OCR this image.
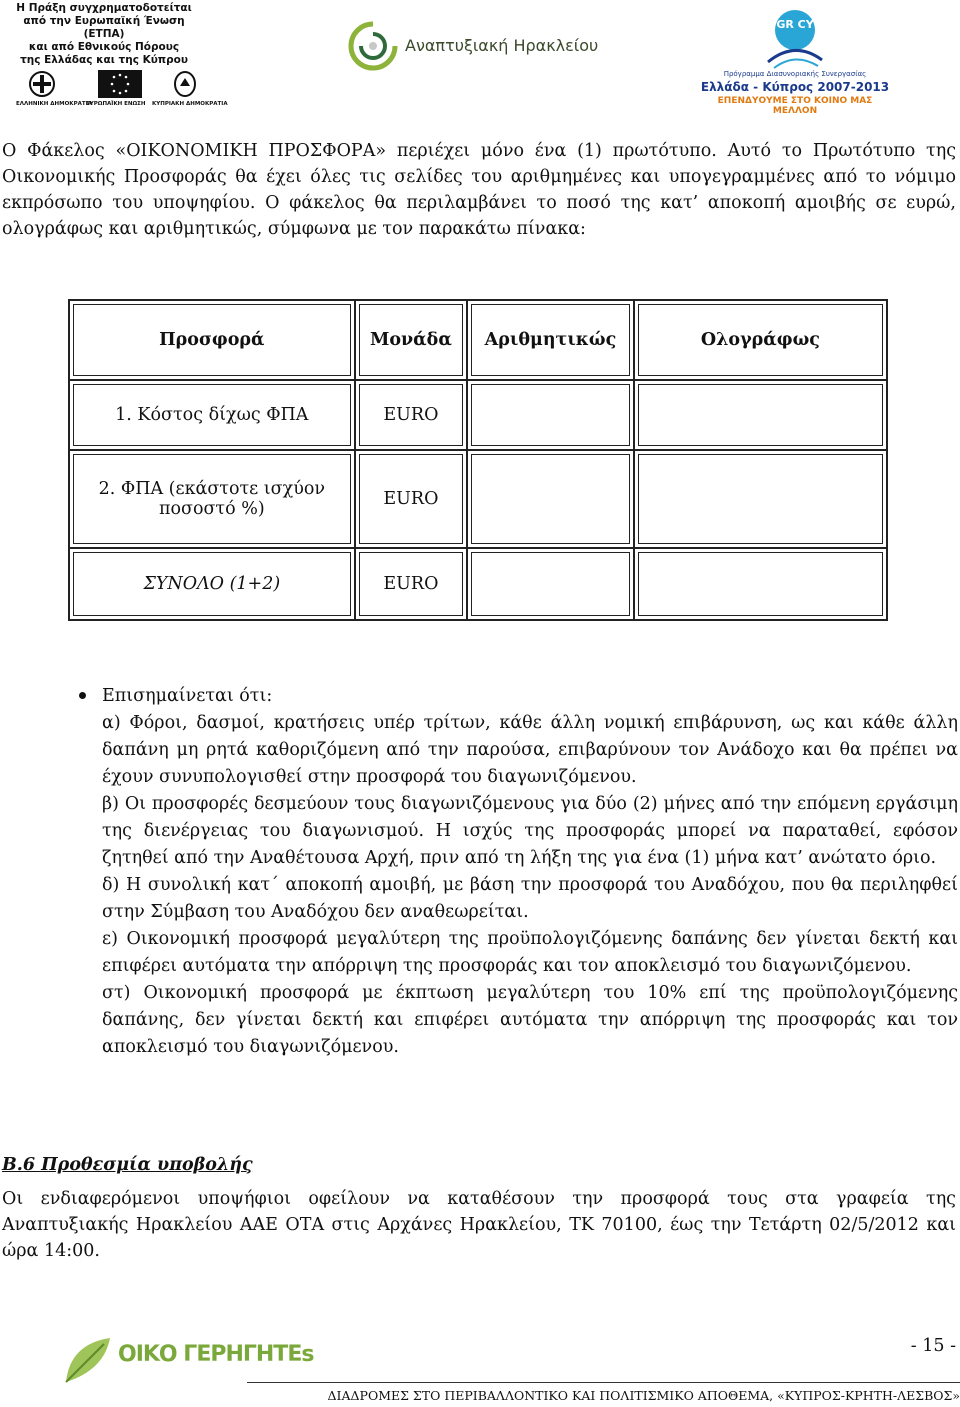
Η Πράξη συγχρηματοδοτείται
από την Ευρωπαϊκή Ένωση (ΕΤΠΑ)
και από Εθνικούς Πόρους
της Ελλάδας και της Κύπρου
ΕΛΛΗΝΙΚΗ ΔΗΜΟΚΡΑΤΙΑ
ΕΥΡΩΠΑΪΚΗ ΕΝΩΣΗ ΚΥΠΡΙΑΚΗ ΔΗΜΟΚΡΑΤΙΑ
Αναπτυξιακή Ηρακλείου
GR CY
Πρόγραμμα Διασυνοριακής Συνεργασίας
Ελλάδα - Κύπρος 2007-2013
ΕΠΕΝΔΥΟΥΜΕ ΣΤΟ ΚΟΙΝΟ ΜΑΣ ΜΕΛΛΟΝ
Ο Φάκελος «ΟΙΚΟΝΟΜΙΚΗ ΠΡΟΣΦΟΡΑ» περιέχει μόνο ένα (1) πρωτότυπο. Αυτό το Πρωτότυπο της Οικονομικής Προσφοράς θα έχει όλες τις σελίδες του αριθμημένες και υπογεγραμμένες από το νόμιμο εκπρόσωπο του υποψηφίου. Ο φάκελος θα περιλαμβάνει το ποσό της κατ’ αποκοπή αμοιβής σε ευρώ, ολογράφως και αριθμητικώς, σύμφωνα με τον παρακάτω πίνακα:
Προσφορά	Μονάδα	Αριθμητικώς	Ολογράφως
1. Κόστος δίχως ΦΠΑ	EURO		
2. ΦΠΑ (εκάστοτε ισχύον ποσοστό %)	EURO		
ΣΥΝΟΛΟ (1+2)	EURO		

Επισημαίνεται ότι:

α) Φόροι, δασμοί, κρατήσεις υπέρ τρίτων, κάθε άλλη νομική επιβάρυνση, ως και κάθε άλλη δαπάνη μη ρητά καθοριζόμενη από την παρούσα, επιβαρύνουν τον Ανάδοχο και θα πρέπει να έχουν συνυπολογισθεί στην προσφορά του διαγωνιζόμενου.

β) Οι προσφορές δεσμεύουν τους διαγωνιζόμενους για δύο (2) μήνες από την επόμενη εργάσιμη της διενέργειας του διαγωνισμού. Η ισχύς της προσφοράς μπορεί να παραταθεί, εφόσον ζητηθεί από την Αναθέτουσα Αρχή, πριν από τη λήξη της για ένα (1) μήνα κατ’ ανώτατο όριο.

δ) Η συνολική κατ΄ αποκοπή αμοιβή, με βάση την προσφορά του Αναδόχου, που θα περιληφθεί στην Σύμβαση του Αναδόχου δεν αναθεωρείται.

ε) Οικονομική προσφορά μεγαλύτερη της προϋπολογιζόμενης δαπάνης δεν γίνεται δεκτή και επιφέρει αυτόματα την απόρριψη της προσφοράς και τον αποκλεισμό του διαγωνιζόμενου.

στ) Οικονομική προσφορά με έκπτωση μεγαλύτερη του 10% επί της προϋπολογιζόμενης δαπάνης, δεν γίνεται δεκτή και επιφέρει αυτόματα την απόρριψη της προσφοράς και τον αποκλεισμό του διαγωνιζόμενου.

Β.6 Προθεσμία υποβολής
Οι ενδιαφερόμενοι υποψήφιοι οφείλουν να καταθέσουν την προσφορά τους στα γραφεία της Αναπτυξιακής Ηρακλείου ΑΑΕ ΟΤΑ στις Αρχάνες Ηρακλείου, ΤΚ 70100, έως την Τετάρτη 02/5/2012 και ώρα 14:00.
ΟΙΚΟ ΓΕΡΗΓΗΤΕs	- 15 -
ΔΙΑΔΡΟΜΕΣ ΣΤΟ ΠΕΡΙΒΑΛΛΟΝΤΙΚΟ ΚΑΙ ΠΟΛΙΤΙΣΜΙΚΟ ΑΠΟΘΕΜΑ, «ΚΥΠΡΟΣ-ΚΡΗΤΗ-ΛΕΣΒΟΣ»
